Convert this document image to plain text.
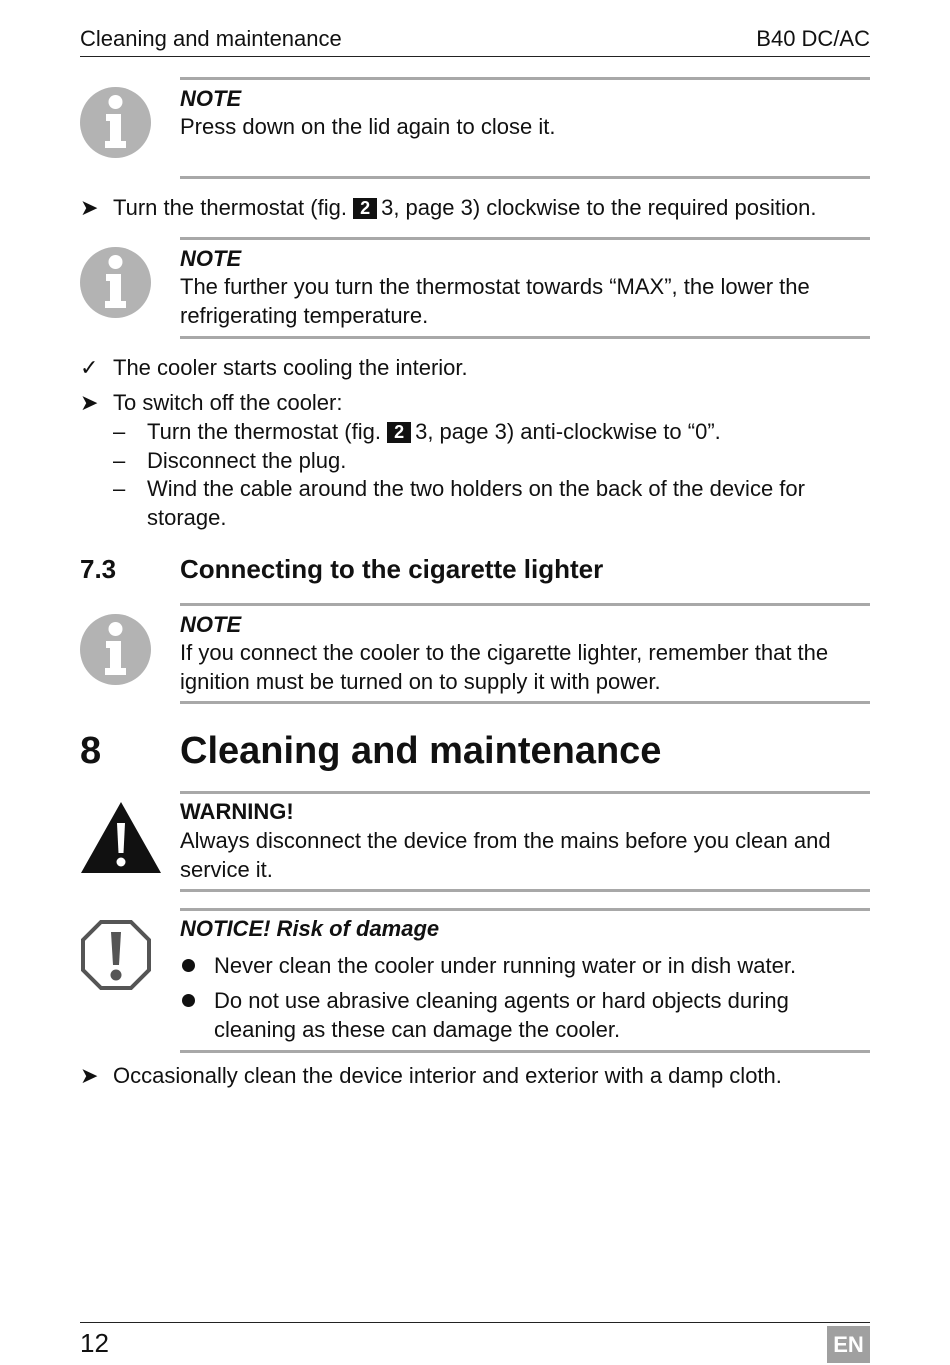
Cleaning and maintenance	B40 DC/AC
NOTE
Press down on the lid again to close it.
➤ Turn the thermostat (fig. 2 3, page 3) clockwise to the required position.
NOTE
The further you turn the thermostat towards “MAX”, the lower the
refrigerating temperature.
✓ The cooler starts cooling the interior.
➤ To switch off the cooler:
– Turn the thermostat (fig. 2 3, page 3) anti-clockwise to “0”.
– Disconnect the plug.
– Wind the cable around the two holders on the back of the device for
storage.
7.3 Connecting to the cigarette lighter
NOTE
If you connect the cooler to the cigarette lighter, remember that the
ignition must be turned on to supply it with power.
8 Cleaning and maintenance
WARNING!
Always disconnect the device from the mains before you clean and
service it.
NOTICE! Risk of damage
Never clean the cooler under running water or in dish water.
Do not use abrasive cleaning agents or hard objects during
cleaning as these can damage the cooler.
➤ Occasionally clean the device interior and exterior with a damp cloth.
12	EN
